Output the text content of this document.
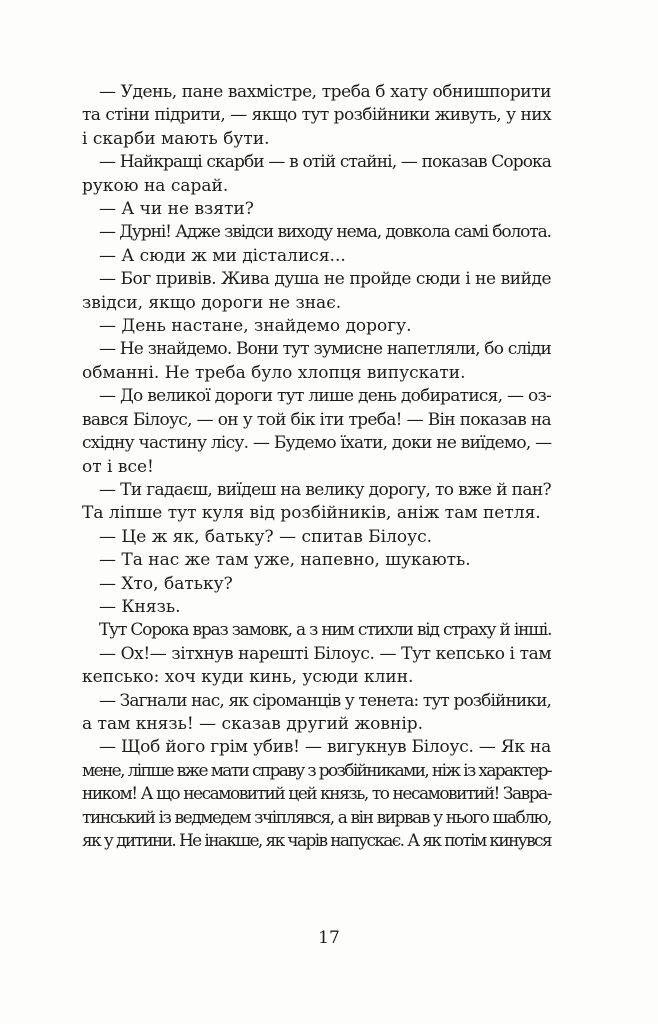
— Удень, пане вахмістре, треба б хату обнишпорити
та стіни підрити, — якщо тут розбійники живуть, у них
і скарби мають бути.

— Найкращі скарби — в отій стайні, — показав Сорока
рукою на сарай.

— А чи не взяти?

— Дурні! Адже звідси виходу нема, довкола самі болота.

— А сюди ж ми дісталися...

— Бог привів. Жива душа не пройде сюди і не вийде
звідси, якщо дороги не знає.

— День настане, знайдемо дорогу.

— Не знайдемо. Вони тут зумисне напетляли, бо сліди
обманні. Не треба було хлопця випускати.

— До великої дороги тут лише день добиратися, — оз-
вався Білоус, — он у той бік іти треба! — Він показав на
східну частину лісу. — Будемо їхати, доки не виїдемо, —
от і все!

— Ти гадаєш, виїдеш на велику дорогу, то вже й пан?
Та ліпше тут куля від розбійників, аніж там петля.

— Це ж як, батьку? — спитав Білоус.

— Та нас же там уже, напевно, шукають.

— Хто, батьку?

— Князь.

Тут Сорока враз замовк, а з ним стихли від страху й інші.

— Ох!— зітхнув нарешті Білоус. — Тут кепсько і там
кепсько: хоч куди кинь, усюди клин.

— Загнали нас, як сіроманців у тенета: тут розбійники,
а там князь! — сказав другий жовнір.

— Щоб його грім убив! — вигукнув Білоус. — Як на
мене, ліпше вже мати справу з розбійниками, ніж із характер-
ником! А що несамовитий цей князь, то несамовитий! Завра-
тинський із ведмедем зчіплявся, а він вирвав у нього шаблю,
як у дитини. Не інакше, як чарів напускає. А як потім кинувся

17
